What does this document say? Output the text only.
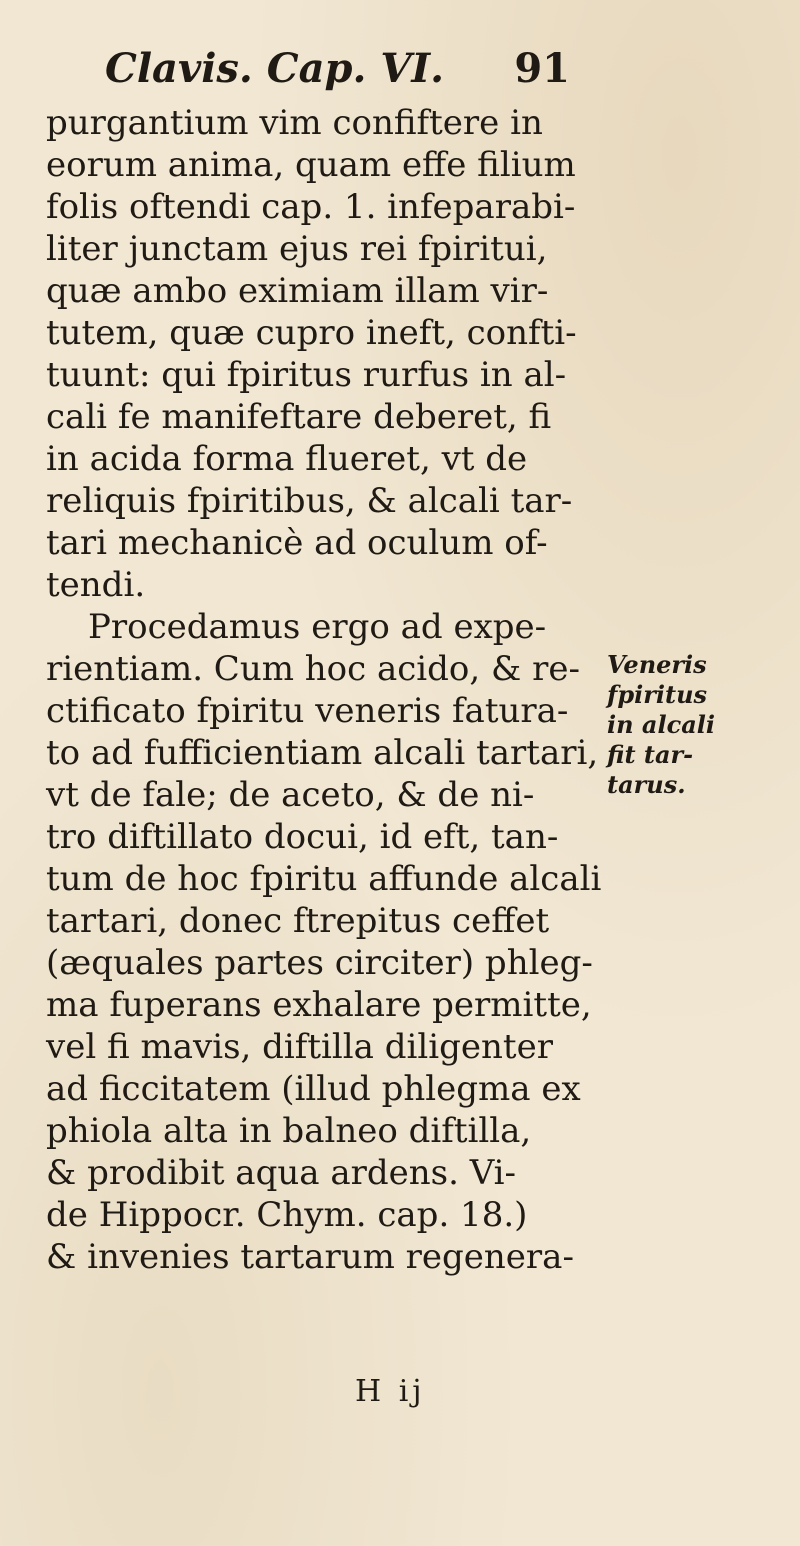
Clavis. Cap. VI. 91
purgantium vim confiftere in
eorum anima, quam effe filium
folis oftendi cap. 1. infeparabi-
liter junctam ejus rei fpiritui,
quæ ambo eximiam illam vir-
tutem, quæ cupro ineft, confti-
tuunt: qui fpiritus rurfus in al-
cali fe manifeftare deberet, fi
in acida forma flueret, vt de
reliquis fpiritibus, & alcali tar-
tari mechanicè ad oculum of-
tendi.
Procedamus ergo ad expe-
rientiam. Cum hoc acido, & re-
ctificato fpiritu veneris fatura-
to ad fufficientiam alcali tartari,
vt de fale; de aceto, & de ni-
tro diftillato docui, id eft, tan-
tum de hoc fpiritu affunde alcali
tartari, donec ftrepitus ceffet
(æquales partes circiter) phleg-
ma fuperans exhalare permitte,
vel fi mavis, diftilla diligenter
ad ficcitatem (illud phlegma ex
phiola alta in balneo diftilla,
& prodibit aqua ardens. Vi-
de Hippocr. Chym. cap. 18.)
& invenies tartarum regenera-
Veneris
fpiritus
in alcali
fit tar-
tarus.
H ij
